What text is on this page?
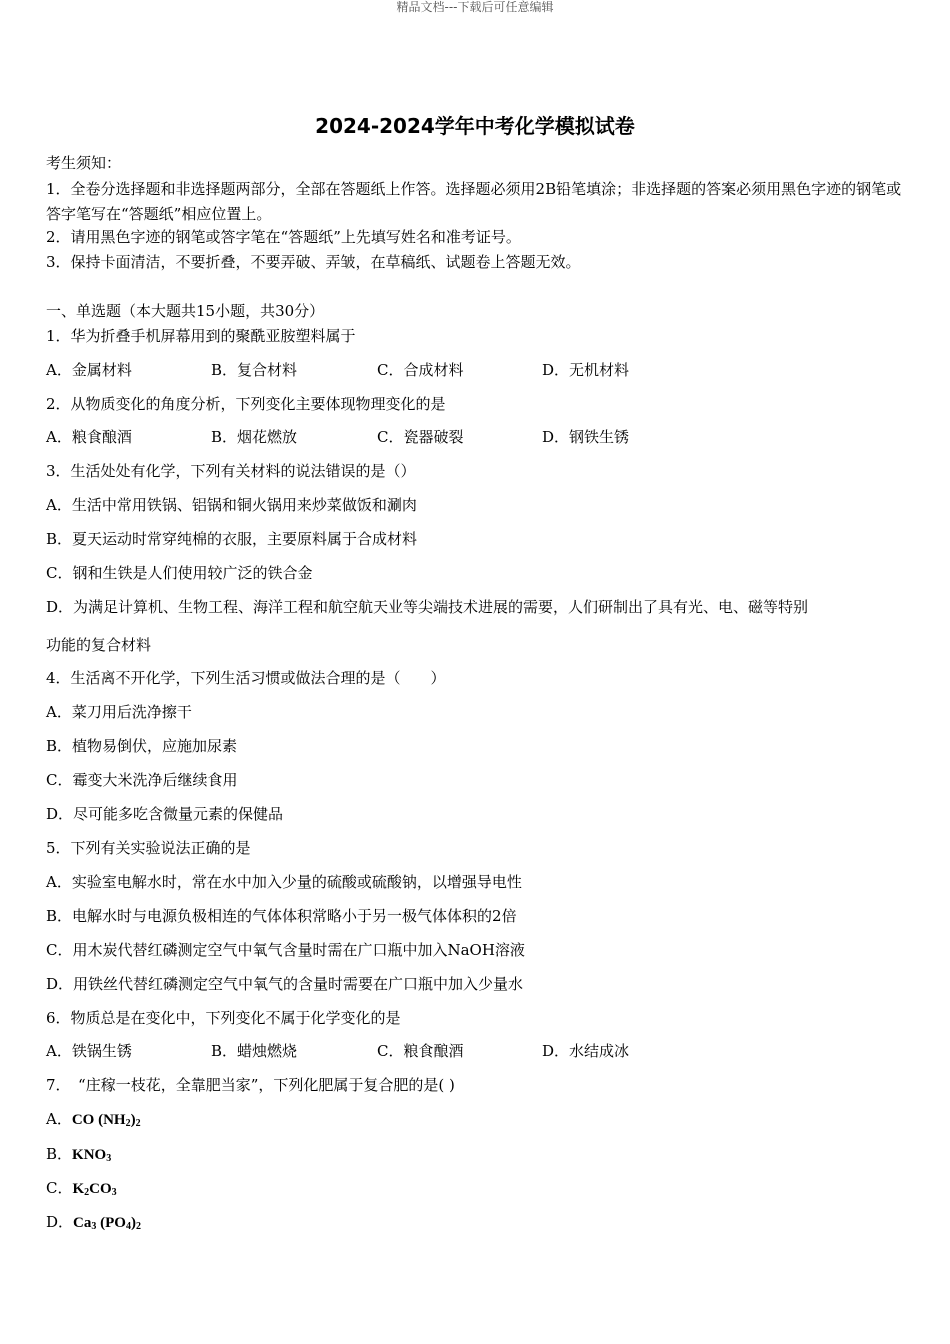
精品文档---下载后可任意编辑
2024-2024学年中考化学模拟试卷
考生须知：
1．全卷分选择题和非选择题两部分，全部在答题纸上作答。选择题必须用2B铅笔填涂；非选择题的答案必须用黑色字迹的钢笔或答字笔写在“答题纸”相应位置上。
2．请用黑色字迹的钢笔或答字笔在“答题纸”上先填写姓名和准考证号。
3．保持卡面清洁，不要折叠，不要弄破、弄皱，在草稿纸、试题卷上答题无效。
一、单选题（本大题共15小题，共30分）
1．华为折叠手机屏幕用到的聚酰亚胺塑料属于
A．金属材料	B．复合材料	C．合成材料	D．无机材料
2．从物质变化的角度分析，下列变化主要体现物理变化的是
A．粮食酿酒	B．烟花燃放	C．瓷器破裂	D．钢铁生锈
3．生活处处有化学，下列有关材料的说法错误的是（）
A．生活中常用铁锅、铝锅和铜火锅用来炒菜做饭和涮肉
B．夏天运动时常穿纯棉的衣服，主要原料属于合成材料
C．钢和生铁是人们使用较广泛的铁合金
D．为满足计算机、生物工程、海洋工程和航空航天业等尖端技术进展的需要，人们研制出了具有光、电、磁等特别
功能的复合材料
4．生活离不开化学，下列生活习惯或做法合理的是（　　）
A．菜刀用后洗净擦干
B．植物易倒伏，应施加尿素
C．霉变大米洗净后继续食用
D．尽可能多吃含微量元素的保健品
5．下列有关实验说法正确的是
A．实验室电解水时，常在水中加入少量的硫酸或硫酸钠，以增强导电性
B．电解水时与电源负极相连的气体体积常略小于另一极气体体积的2倍
C．用木炭代替红磷测定空气中氧气含量时需在广口瓶中加入NaOH溶液
D．用铁丝代替红磷测定空气中氧气的含量时需要在广口瓶中加入少量水
6．物质总是在变化中，下列变化不属于化学变化的是
A．铁锅生锈	B．蜡烛燃烧	C．粮食酿酒	D．水结成冰
7．　“庄稼一枝花，全靠肥当家”，下列化肥属于复合肥的是( )
A．CO $(NH_2)_2$
B．$KNO_3$
C．$K_2CO_3$
D．$Ca_3$ $(PO_4)_2$
